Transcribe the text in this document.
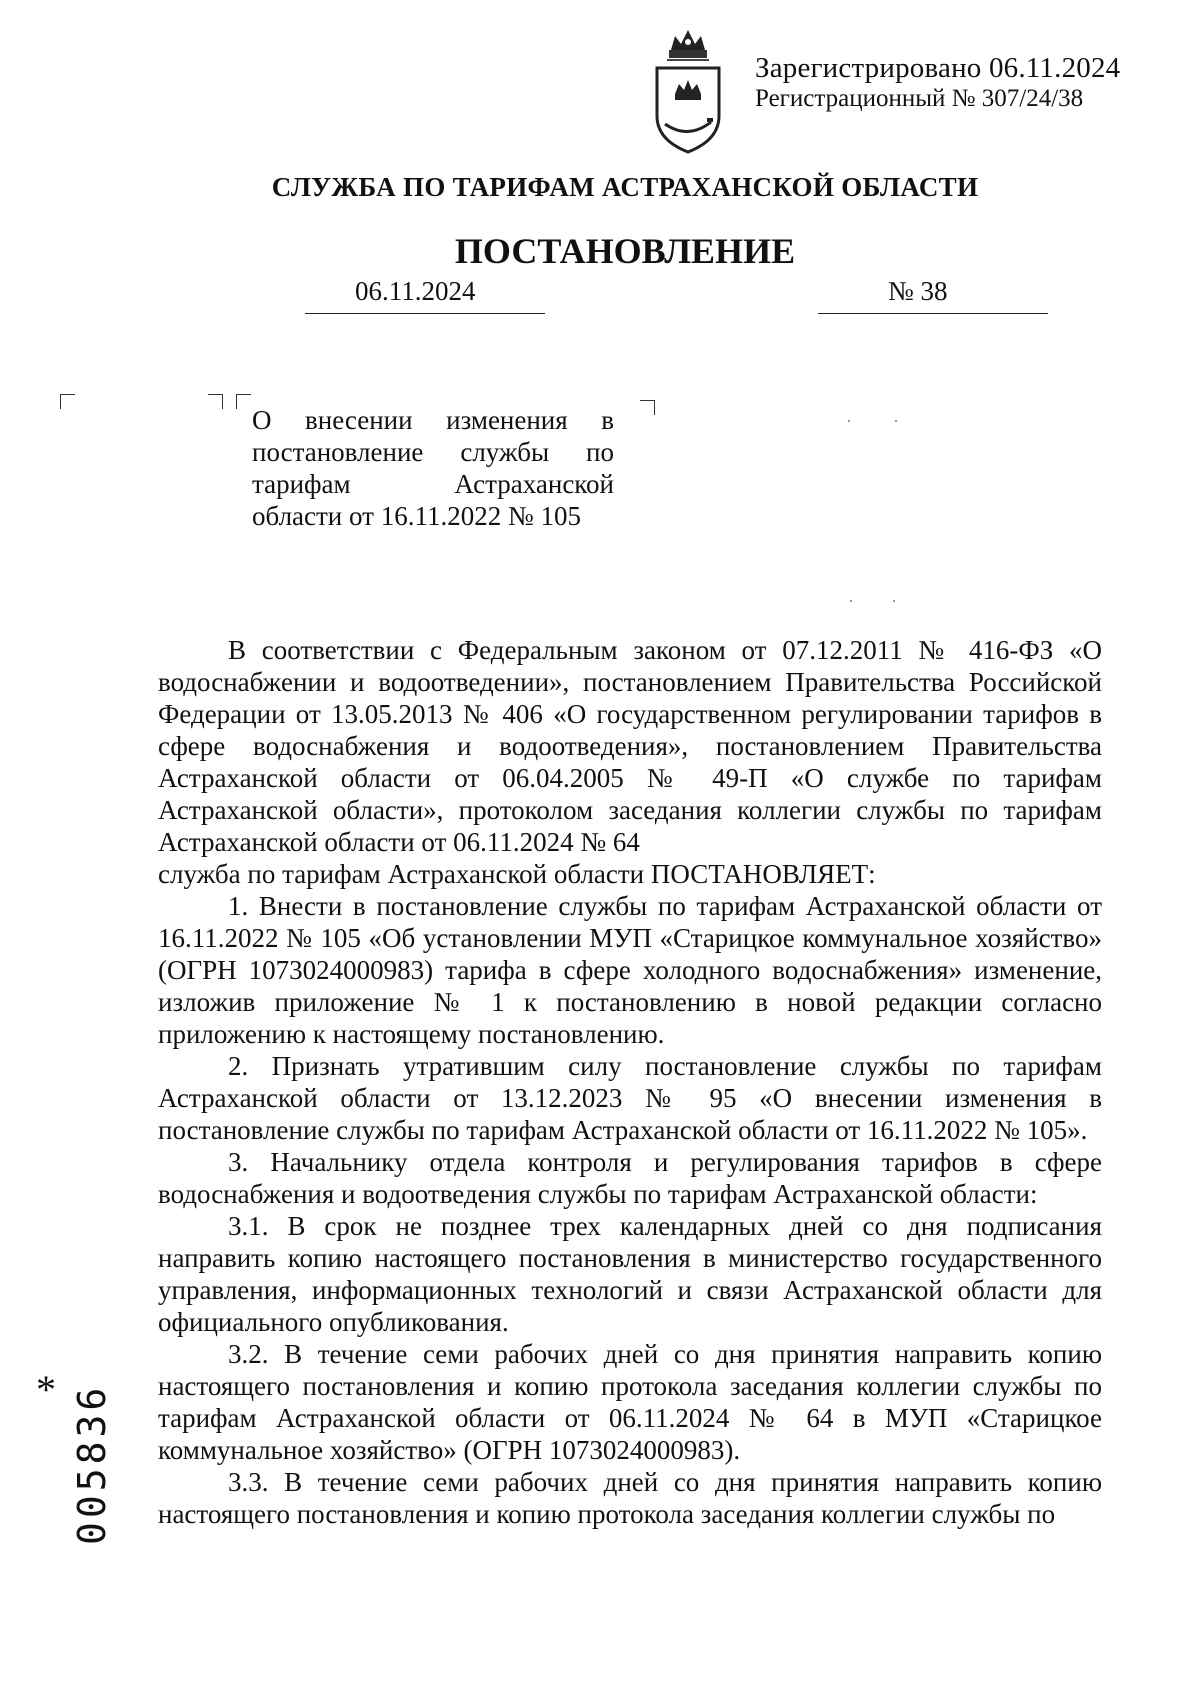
Зарегистрировано 06.11.2024
Регистрационный № 307/24/38
СЛУЖБА ПО ТАРИФАМ АСТРАХАНСКОЙ ОБЛАСТИ
ПОСТАНОВЛЕНИЕ
06.11.2024	№ 38
О внесении изменения в
постановление службы по
тарифам Астраханской
области от 16.11.2022 № 105

В соответствии с Федеральным законом от 07.12.2011 № 416-ФЗ «О водоснабжении и водоотведении», постановлением Правительства Российской Федерации от 13.05.2013 № 406 «О государственном регулировании тарифов в сфере водоснабжения и водоотведения», постановлением Правительства Астраханской области от 06.04.2005 № 49-П «О службе по тарифам Астраханской области», протоколом заседания коллегии службы по тарифам Астраханской области от 06.11.2024 № 64

служба по тарифам Астраханской области ПОСТАНОВЛЯЕТ:

1. Внести в постановление службы по тарифам Астраханской области от 16.11.2022 № 105 «Об установлении МУП «Старицкое коммунальное хозяйство» (ОГРН 1073024000983) тарифа в сфере холодного водоснабжения» изменение, изложив приложение № 1 к постановлению в новой редакции согласно приложению к настоящему постановлению.

2. Признать утратившим силу постановление службы по тарифам Астраханской области от 13.12.2023 № 95 «О внесении изменения в постановление службы по тарифам Астраханской области от 16.11.2022 № 105».

3. Начальнику отдела контроля и регулирования тарифов в сфере водоснабжения и водоотведения службы по тарифам Астраханской области:

3.1. В срок не позднее трех календарных дней со дня подписания направить копию настоящего постановления в министерство государственного управления, информационных технологий и связи Астраханской области для официального опубликования.

3.2. В течение семи рабочих дней со дня принятия направить копию настоящего постановления и копию протокола заседания коллегии службы по тарифам Астраханской области от 06.11.2024 № 64 в МУП «Старицкое коммунальное хозяйство» (ОГРН 1073024000983).

3.3. В течение семи рабочих дней со дня принятия направить копию настоящего постановления и копию протокола заседания коллегии службы по

* 005836
